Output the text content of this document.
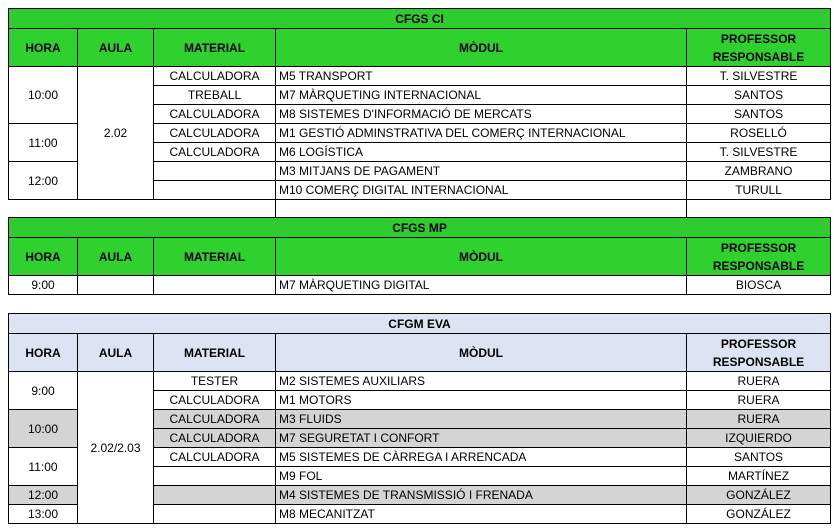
CFGS CI				
HORA	AULA	MATERIAL	MÒDUL	PROFESSOR
RESPONSABLE
10:00	2.02	CALCULADORA	M5 TRANSPORT	T. SILVESTRE
		TREBALL	M7 MÀRQUETING INTERNACIONAL	SANTOS
		CALCULADORA	M8 SISTEMES D'INFORMACIÓ DE MERCATS	SANTOS
11:00		CALCULADORA	M1 GESTIÓ ADMINSTRATIVA DEL COMERÇ INTERNACIONAL	ROSELLÓ
		CALCULADORA	M6 LOGÍSTICA	T. SILVESTRE
12:00			M3 MITJANS DE PAGAMENT	ZAMBRANO
			M10 COMERÇ DIGITAL INTERNACIONAL	TURULL

CFGS MP				
HORA	AULA	MATERIAL	MÒDUL	PROFESSOR
RESPONSABLE
9:00			M7 MÀRQUETING DIGITAL	BIOSCA
CFGM EVA				
HORA	AULA	MATERIAL	MÒDUL	PROFESSOR
RESPONSABLE
9:00	2.02/2.03	TESTER	M2 SISTEMES AUXILIARS	RUERA
		CALCULADORA	M1 MOTORS	RUERA
10:00		CALCULADORA	M3 FLUIDS	RUERA
		CALCULADORA	M7 SEGURETAT I CONFORT	IZQUIERDO
11:00		CALCULADORA	M5 SISTEMES DE CÀRREGA I ARRENCADA	SANTOS
			M9 FOL	MARTÍNEZ
12:00			M4 SISTEMES DE TRANSMISSIÓ I FRENADA	GONZÁLEZ
13:00			M8 MECANITZAT	GONZÁLEZ
